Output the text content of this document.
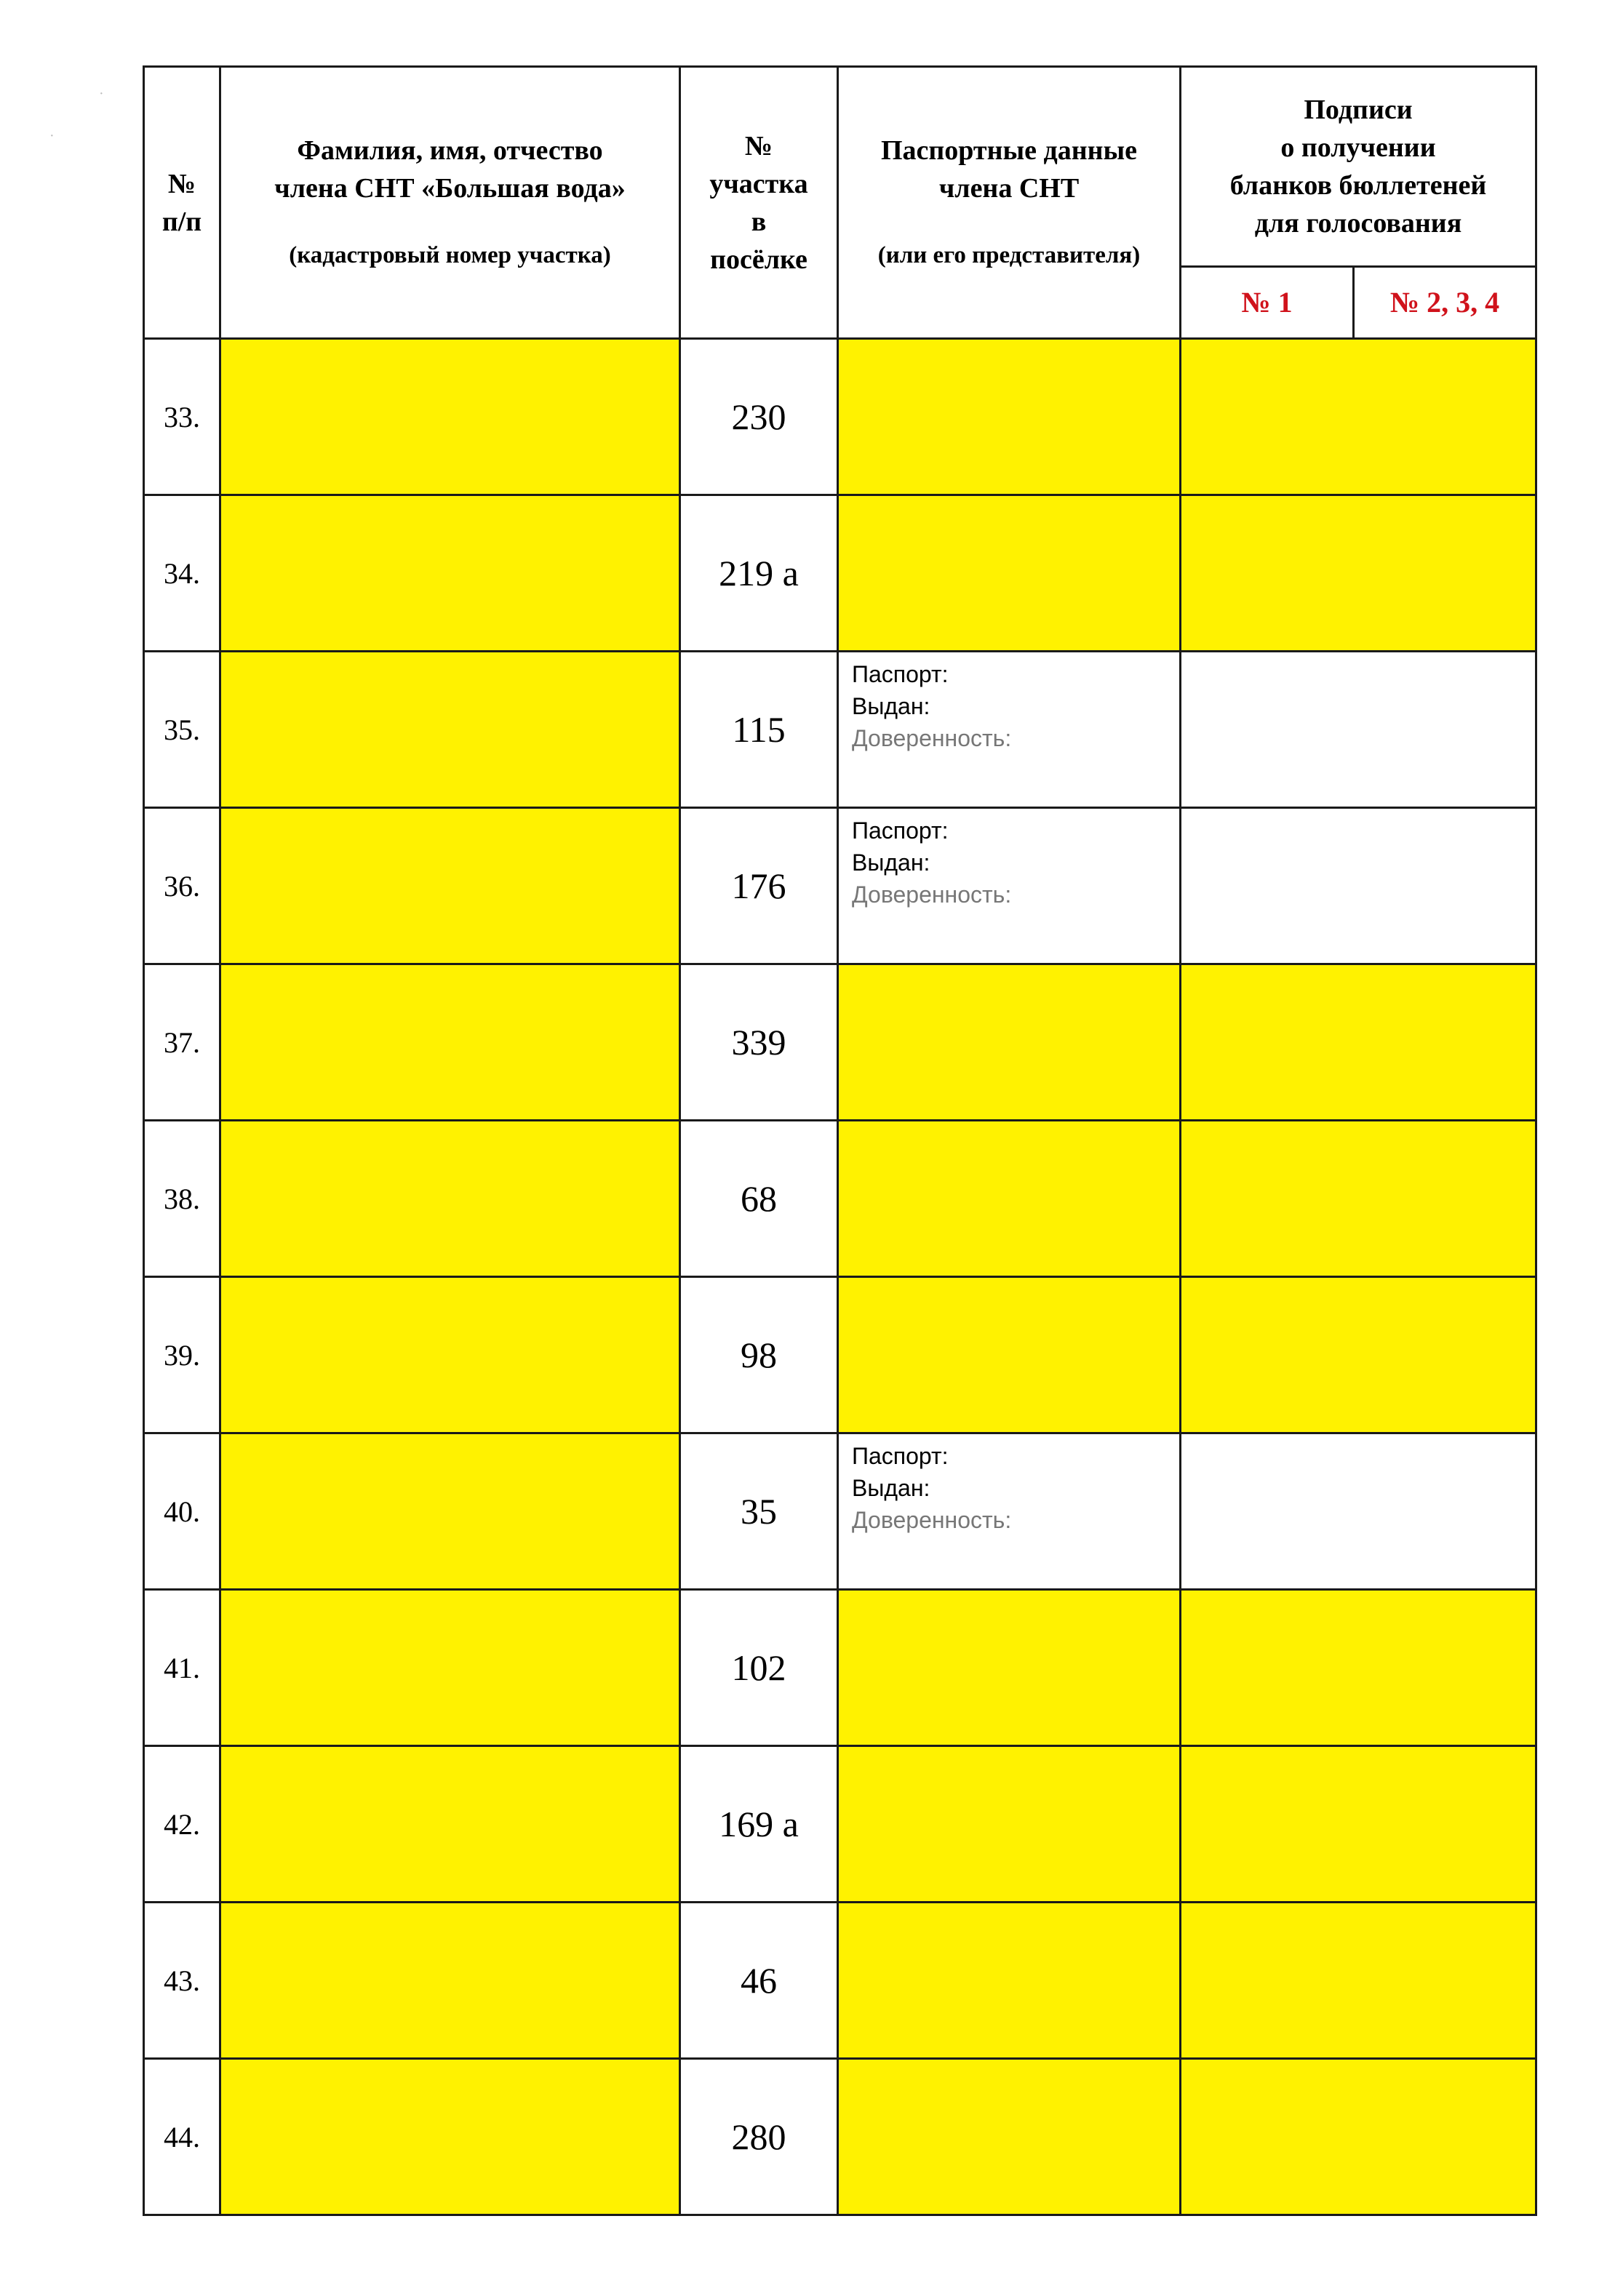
№
п/п	Фамилия, имя, отчество
члена СНТ «Большая вода»
(кадастровый номер участка)	№
участка
в
посёлке	Паспортные данные
члена СНТ
(или его представителя)	Подписи
о получении
бланков бюллетеней
для голосования	

				№ 1	№ 2, 3, 4
33.		230			
34.		219 а			
35.		115	Паспорт:
Выдан:
Доверенность:		

36.		176	Паспорт:
Выдан:
Доверенность:		

37.		339			
38.		68			
39.		98			
40.		35	Паспорт:
Выдан:
Доверенность:		

41.		102			
42.		169 а			
43.		46			
44.		280			
·
·
